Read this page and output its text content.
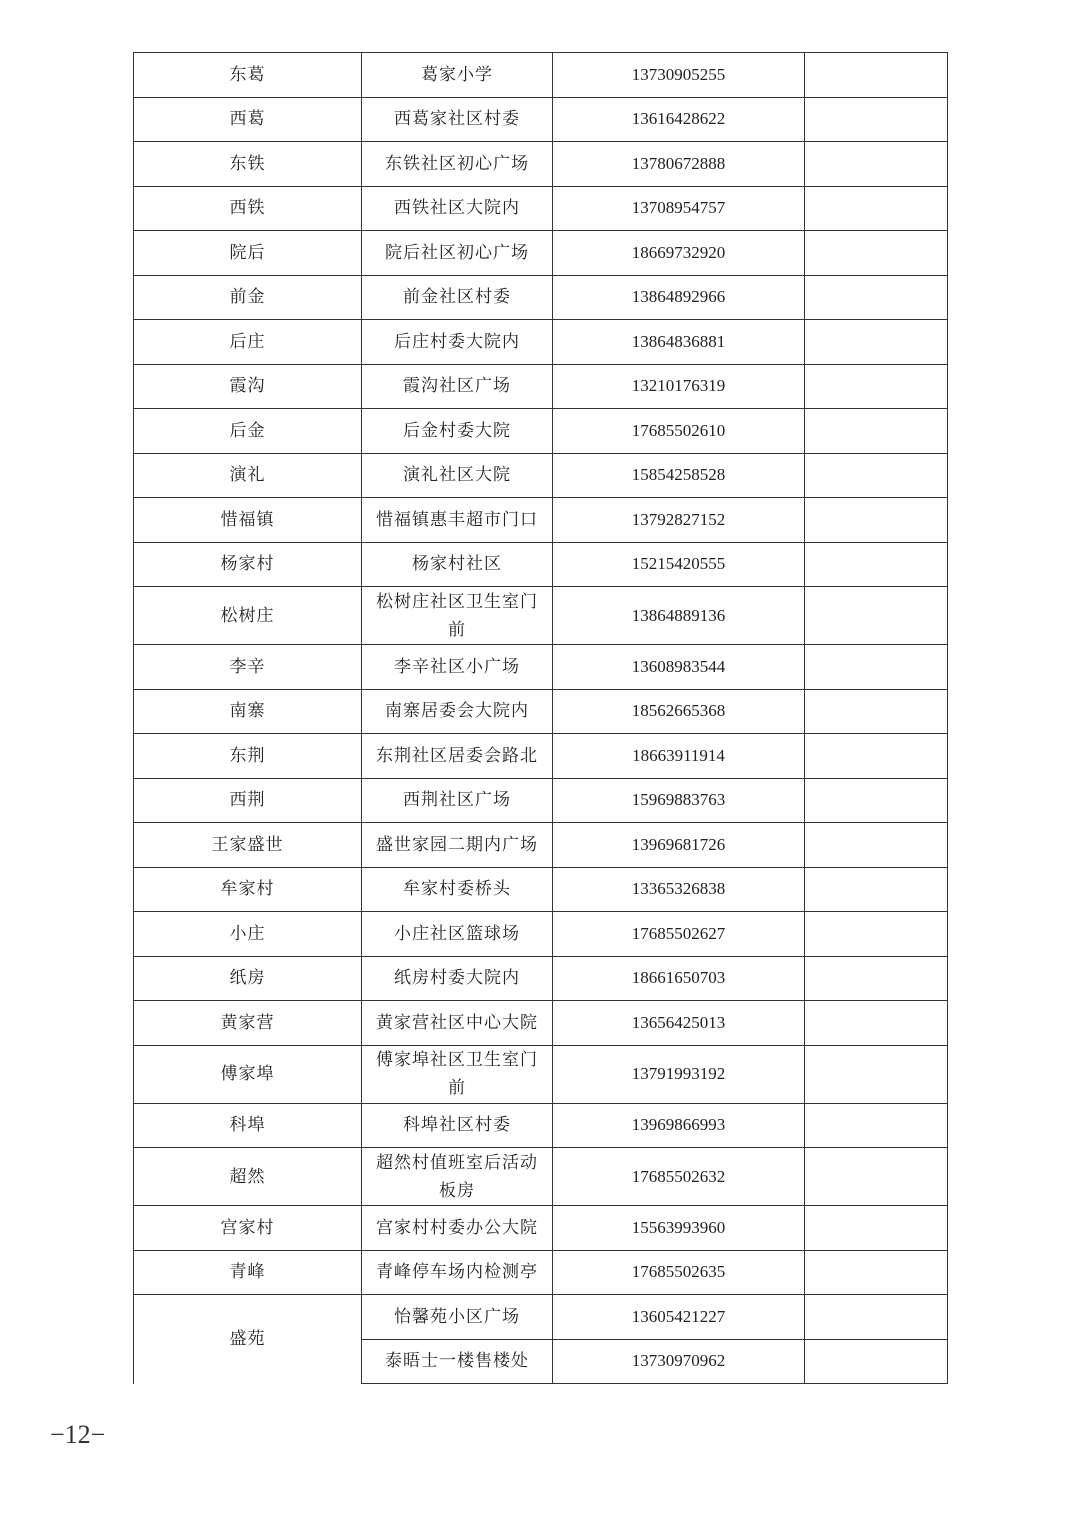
东葛	葛家小学	13730905255	
西葛	西葛家社区村委	13616428622	
东铁	东铁社区初心广场	13780672888	
西铁	西铁社区大院内	13708954757	
院后	院后社区初心广场	18669732920	
前金	前金社区村委	13864892966	
后庄	后庄村委大院内	13864836881	
霞沟	霞沟社区广场	13210176319	
后金	后金村委大院	17685502610	
演礼	演礼社区大院	15854258528	
惜福镇	惜福镇惠丰超市门口	13792827152	
杨家村	杨家村社区	15215420555	
松树庄	松树庄社区卫生室门前	13864889136	
李辛	李辛社区小广场	13608983544	
南寨	南寨居委会大院内	18562665368	
东荆	东荆社区居委会路北	18663911914	
西荆	西荆社区广场	15969883763	
王家盛世	盛世家园二期内广场	13969681726	
牟家村	牟家村委桥头	13365326838	
小庄	小庄社区篮球场	17685502627	
纸房	纸房村委大院内	18661650703	
黄家营	黄家营社区中心大院	13656425013	
傅家埠	傅家埠社区卫生室门前	13791993192	
科埠	科埠社区村委	13969866993	
超然	超然村值班室后活动板房	17685502632	
宫家村	宫家村村委办公大院	15563993960	
青峰	青峰停车场内检测亭	17685502635	
盛苑	怡馨苑小区广场	13605421227	
	泰晤士一楼售楼处	13730970962	
−12−
